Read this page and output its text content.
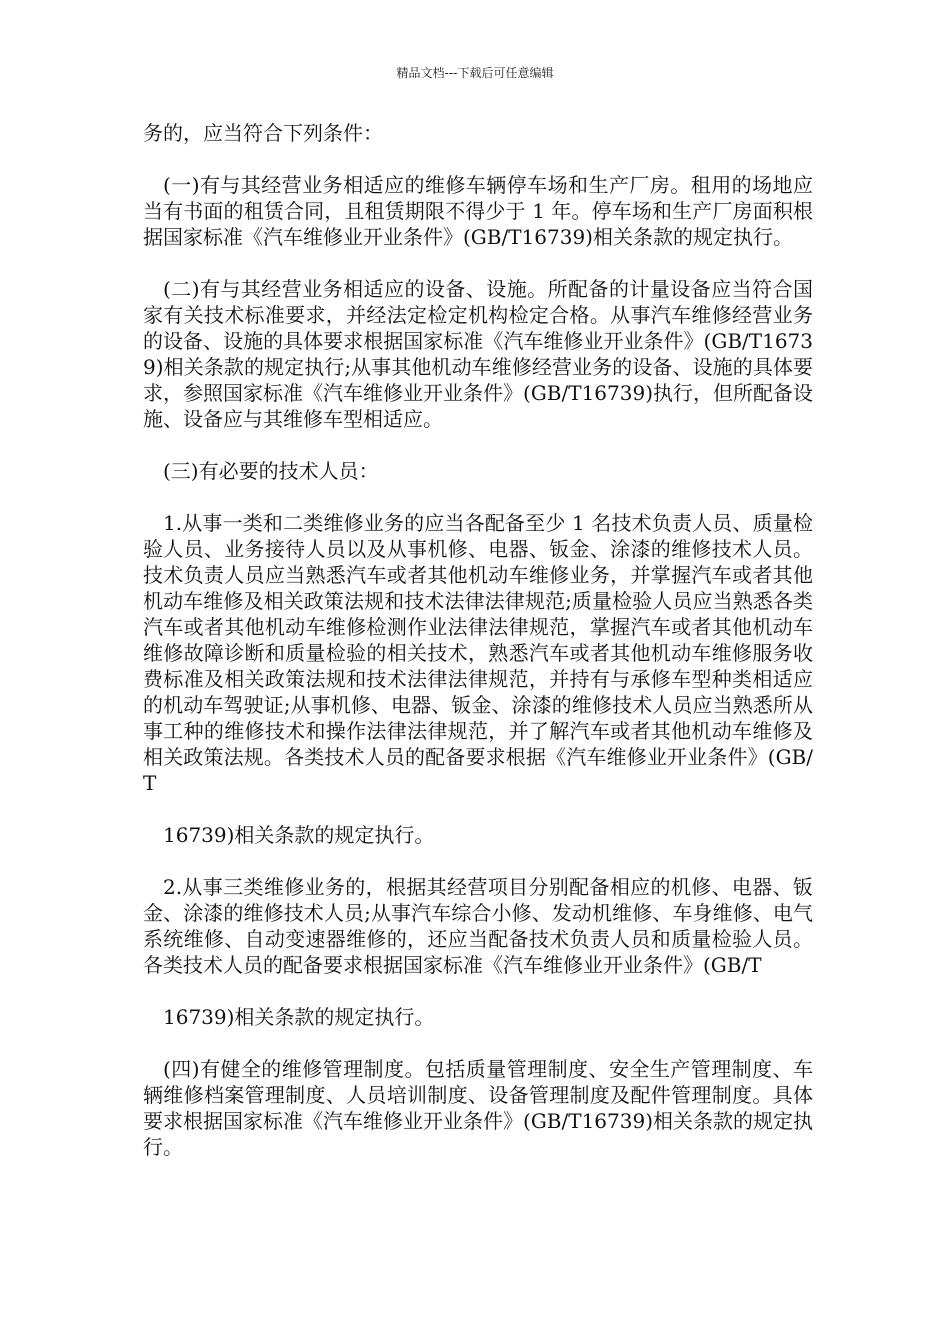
精品文档---下载后可任意编辑

务的，应当符合下列条件：

(一)有与其经营业务相适应的维修车辆停车场和生产厂房。租用的场地应当有书面的租赁合同，且租赁期限不得少于 1 年。停车场和生产厂房面积根据国家标准《汽车维修业开业条件》(GB/T16739)相关条款的规定执行。

(二)有与其经营业务相适应的设备、设施。所配备的计量设备应当符合国家有关技术标准要求，并经法定检定机构检定合格。从事汽车维修经营业务的设备、设施的具体要求根据国家标准《汽车维修业开业条件》(GB/T16739)相关条款的规定执行;从事其他机动车维修经营业务的设备、设施的具体要求，参照国家标准《汽车维修业开业条件》(GB/T16739)执行，但所配备设施、设备应与其维修车型相适应。

(三)有必要的技术人员：

1.从事一类和二类维修业务的应当各配备至少 1 名技术负责人员、质量检验人员、业务接待人员以及从事机修、电器、钣金、涂漆的维修技术人员。技术负责人员应当熟悉汽车或者其他机动车维修业务，并掌握汽车或者其他机动车维修及相关政策法规和技术法律法律规范;质量检验人员应当熟悉各类汽车或者其他机动车维修检测作业法律法律规范，掌握汽车或者其他机动车维修故障诊断和质量检验的相关技术，熟悉汽车或者其他机动车维修服务收费标准及相关政策法规和技术法律法律规范，并持有与承修车型种类相适应的机动车驾驶证;从事机修、电器、钣金、涂漆的维修技术人员应当熟悉所从事工种的维修技术和操作法律法律规范，并了解汽车或者其他机动车维修及相关政策法规。各类技术人员的配备要求根据《汽车维修业开业条件》(GB/T

16739)相关条款的规定执行。

2.从事三类维修业务的，根据其经营项目分别配备相应的机修、电器、钣金、涂漆的维修技术人员;从事汽车综合小修、发动机维修、车身维修、电气系统维修、自动变速器维修的，还应当配备技术负责人员和质量检验人员。各类技术人员的配备要求根据国家标准《汽车维修业开业条件》(GB/T

16739)相关条款的规定执行。

(四)有健全的维修管理制度。包括质量管理制度、安全生产管理制度、车辆维修档案管理制度、人员培训制度、设备管理制度及配件管理制度。具体要求根据国家标准《汽车维修业开业条件》(GB/T16739)相关条款的规定执行。
